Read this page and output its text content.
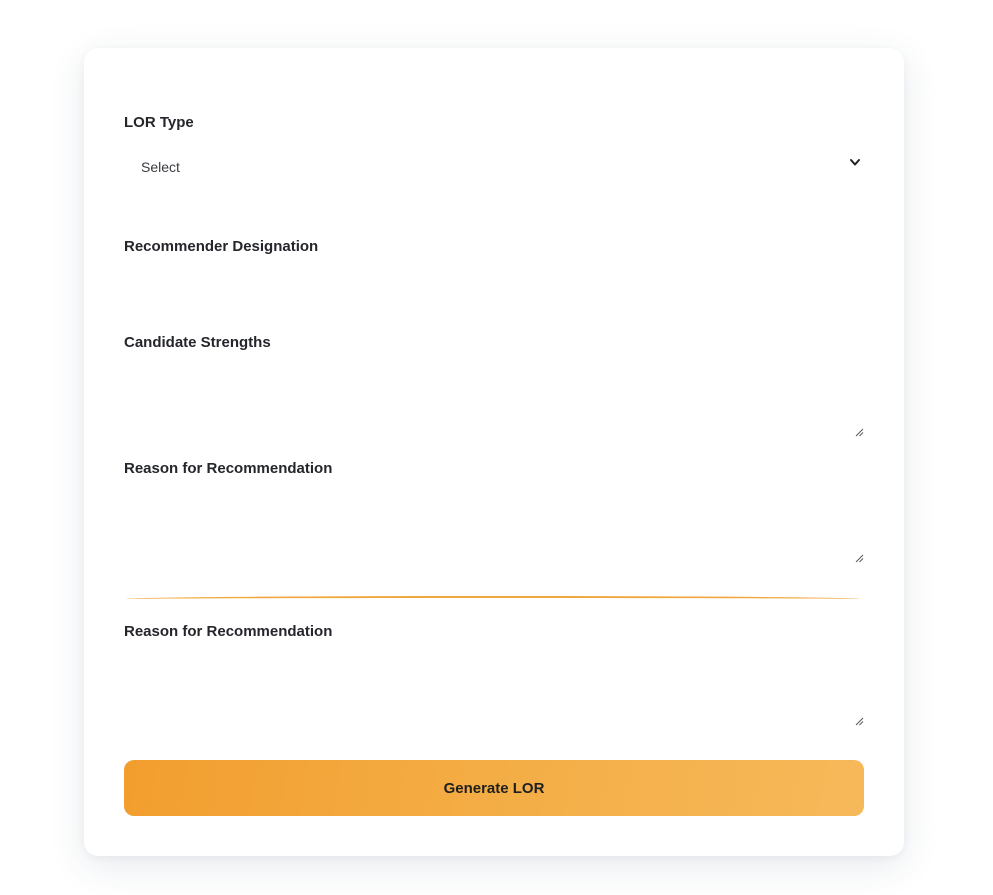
LOR Type
Select
Recommender Designation
Candidate Strengths
Reason for Recommendation
Reason for Recommendation
Generate LOR
